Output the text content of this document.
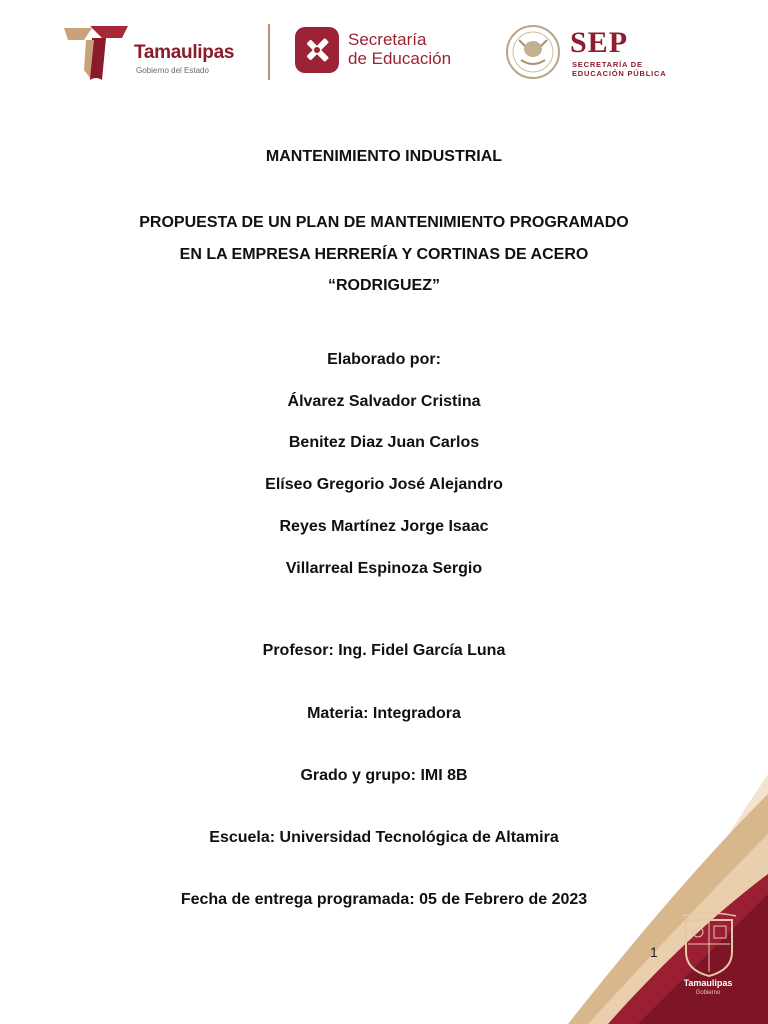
Tamaulipas
Gobierno del Estado
Secretaría
de Educación	SEP
SECRETARÍA DE
EDUCACIÓN PÚBLICA
MANTENIMIENTO INDUSTRIAL
PROPUESTA DE UN PLAN DE MANTENIMIENTO PROGRAMADO
EN LA EMPRESA HERRERÍA Y CORTINAS DE ACERO
“RODRIGUEZ”
Elaborado por:
Álvarez Salvador Cristina
Benitez Diaz Juan Carlos
Elíseo Gregorio José Alejandro
Reyes Martínez Jorge Isaac
Villarreal Espinoza Sergio
Profesor: Ing. Fidel García Luna
Materia: Integradora
Grado y grupo: IMI 8B
Escuela: Universidad Tecnológica de Altamira
Fecha de entrega programada: 05 de Febrero de 2023
1
Tamaulipas
Gobierno
